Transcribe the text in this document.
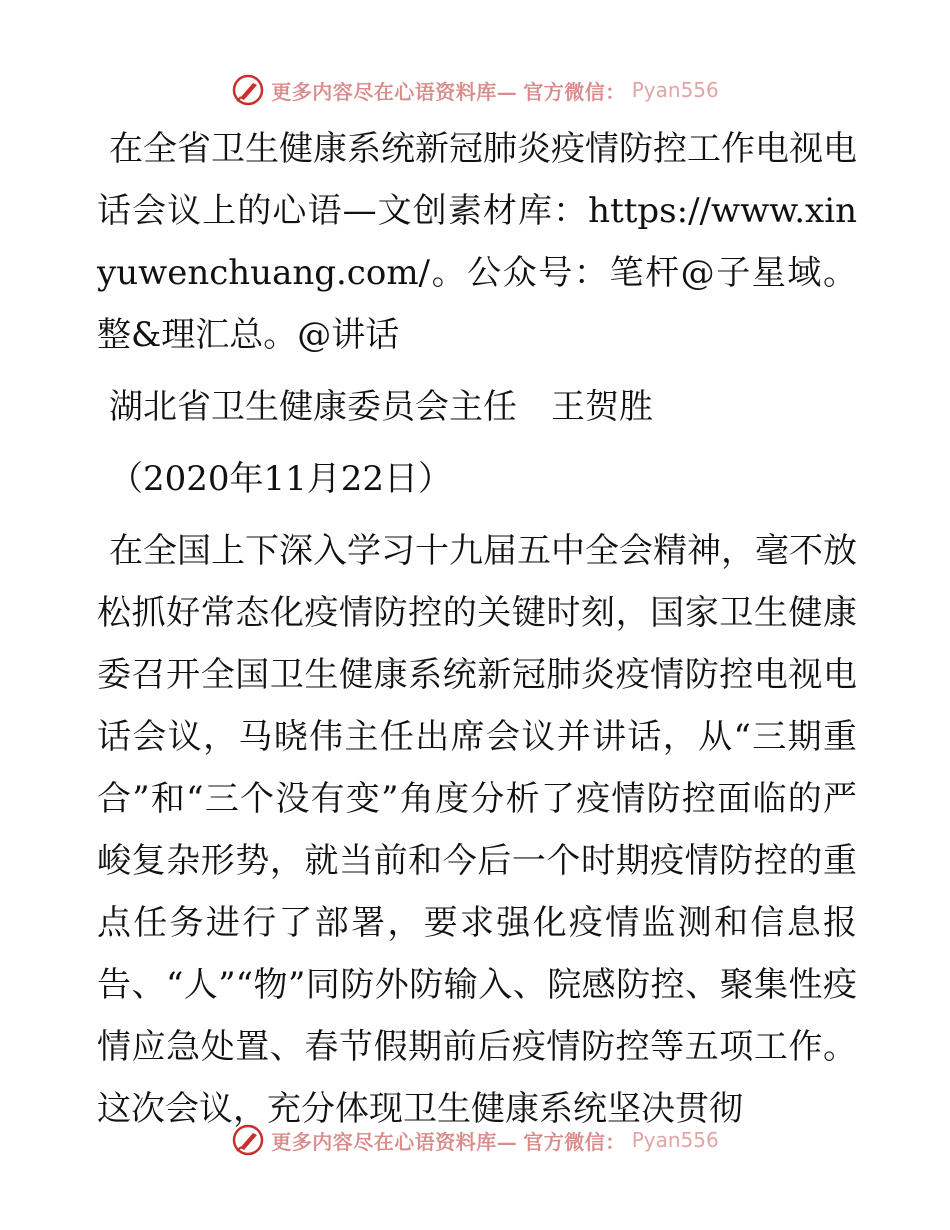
更多内容尽在心语资料库— 官方微信： Pyan556

在全省卫生健康系统新冠肺炎疫情防控工作电视电话会议上的心语—文创素材库：https://www.xinyuwenchuang.com/。公众号：笔杆@子星域。整&理汇总。@讲话

湖北省卫生健康委员会主任　王贺胜

（2020年11月22日）

在全国上下深入学习十九届五中全会精神，毫不放松抓好常态化疫情防控的关键时刻，国家卫生健康委召开全国卫生健康系统新冠肺炎疫情防控电视电话会议，马晓伟主任出席会议并讲话，从“三期重合”和“三个没有变”角度分析了疫情防控面临的严峻复杂形势，就当前和今后一个时期疫情防控的重点任务进行了部署，要求强化疫情监测和信息报告、“人”“物”同防外防输入、院感防控、聚集性疫情应急处置、春节假期前后疫情防控等五项工作。这次会议，充分体现卫生健康系统坚决贯彻

更多内容尽在心语资料库— 官方微信： Pyan556
